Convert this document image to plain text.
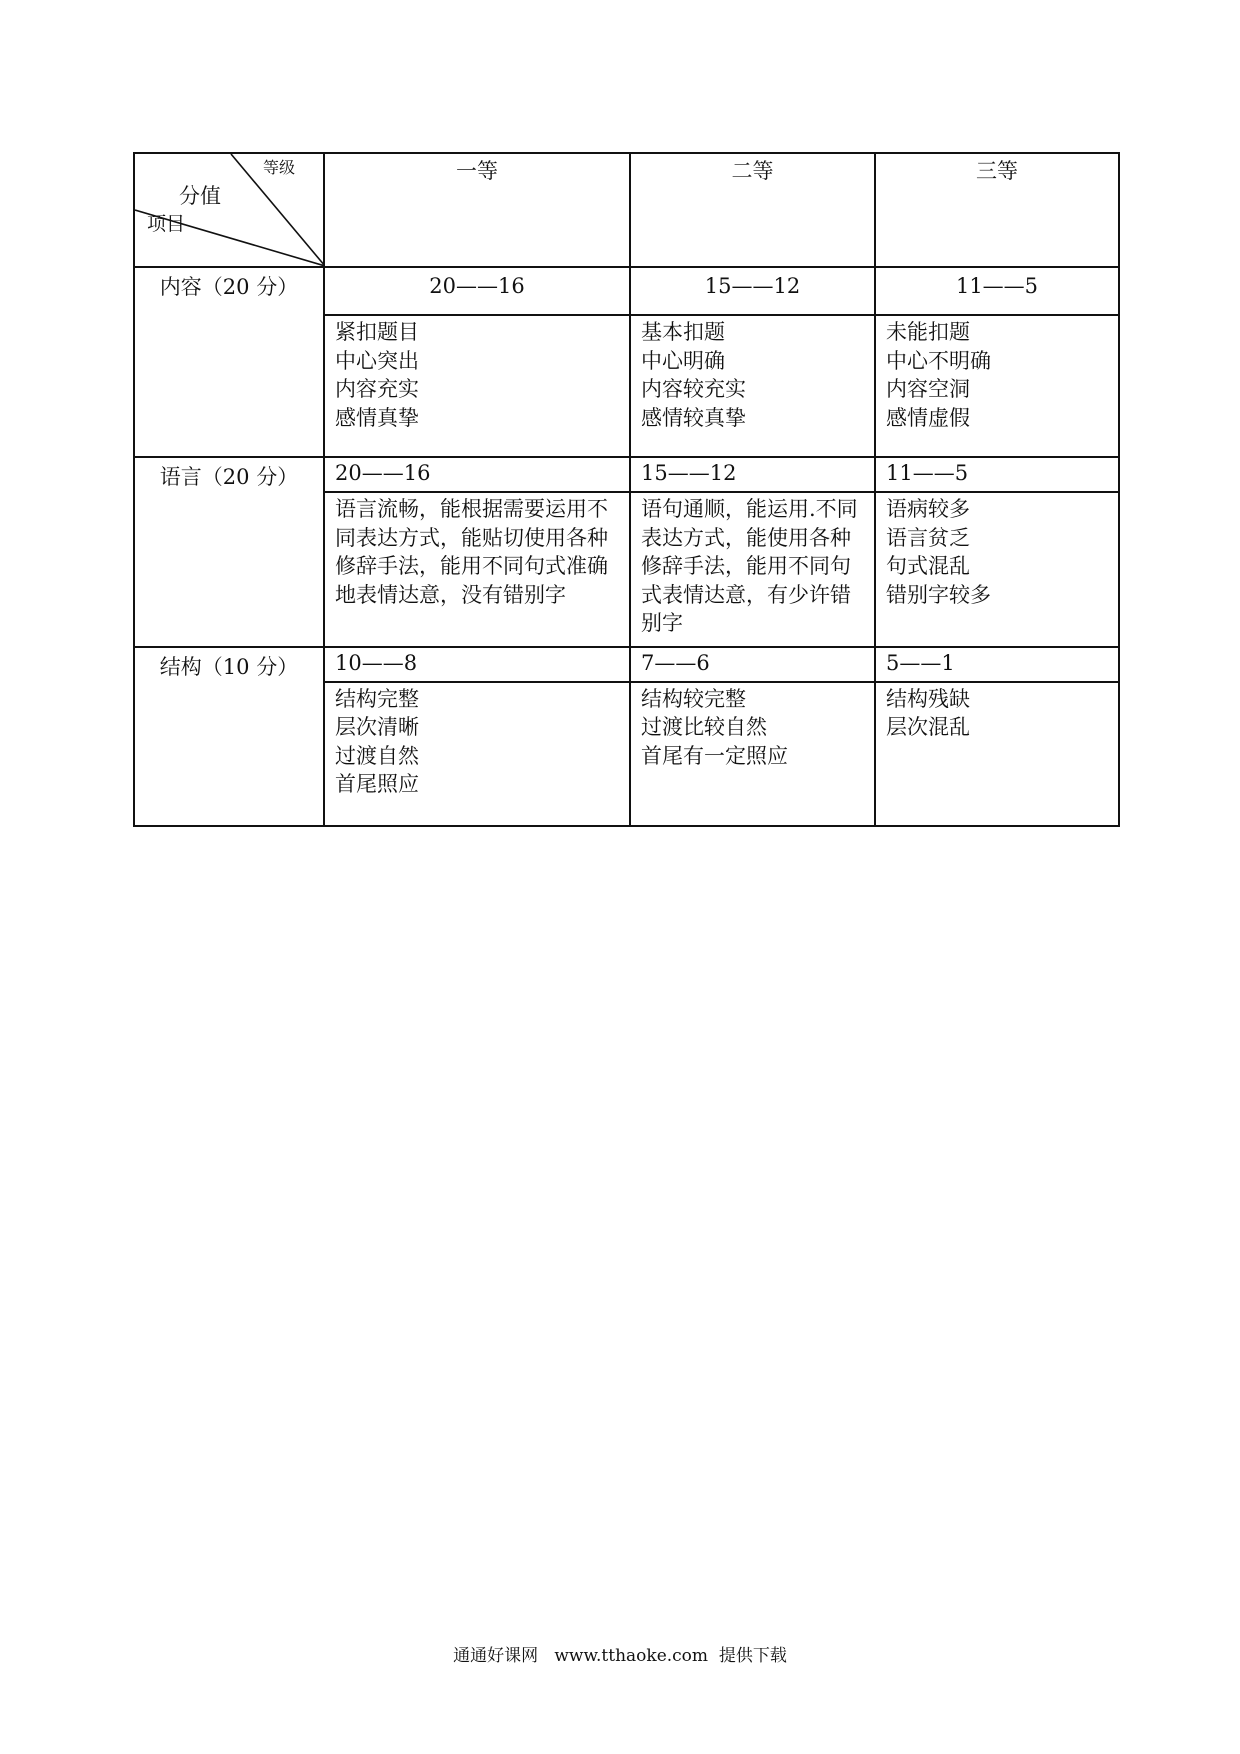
等级
分值
项目	一等	二等	三等
内容（20 分）	20——16	15——12	11——5

	紧扣题目
中心突出
内容充实
感情真挚	基本扣题
中心明确
内容较充实
感情较真挚	未能扣题
中心不明确
内容空洞
感情虚假

语言（20 分）	20——16	15——12	11——5

	语言流畅，能根据需要运用不
同表达方式，能贴切使用各种
修辞手法，能用不同句式准确
地表情达意，没有错别字	语句通顺，能运用.不同
表达方式，能使用各种
修辞手法，能用不同句
式表情达意，有少许错
别字	语病较多
语言贫乏
句式混乱
错别字较多

结构（10 分）	10——8	7——6	5——1

	结构完整
层次清晰
过渡自然
首尾照应	结构较完整
过渡比较自然
首尾有一定照应	结构残缺
层次混乱
通通好课网   www.tthaoke.com  提供下载
